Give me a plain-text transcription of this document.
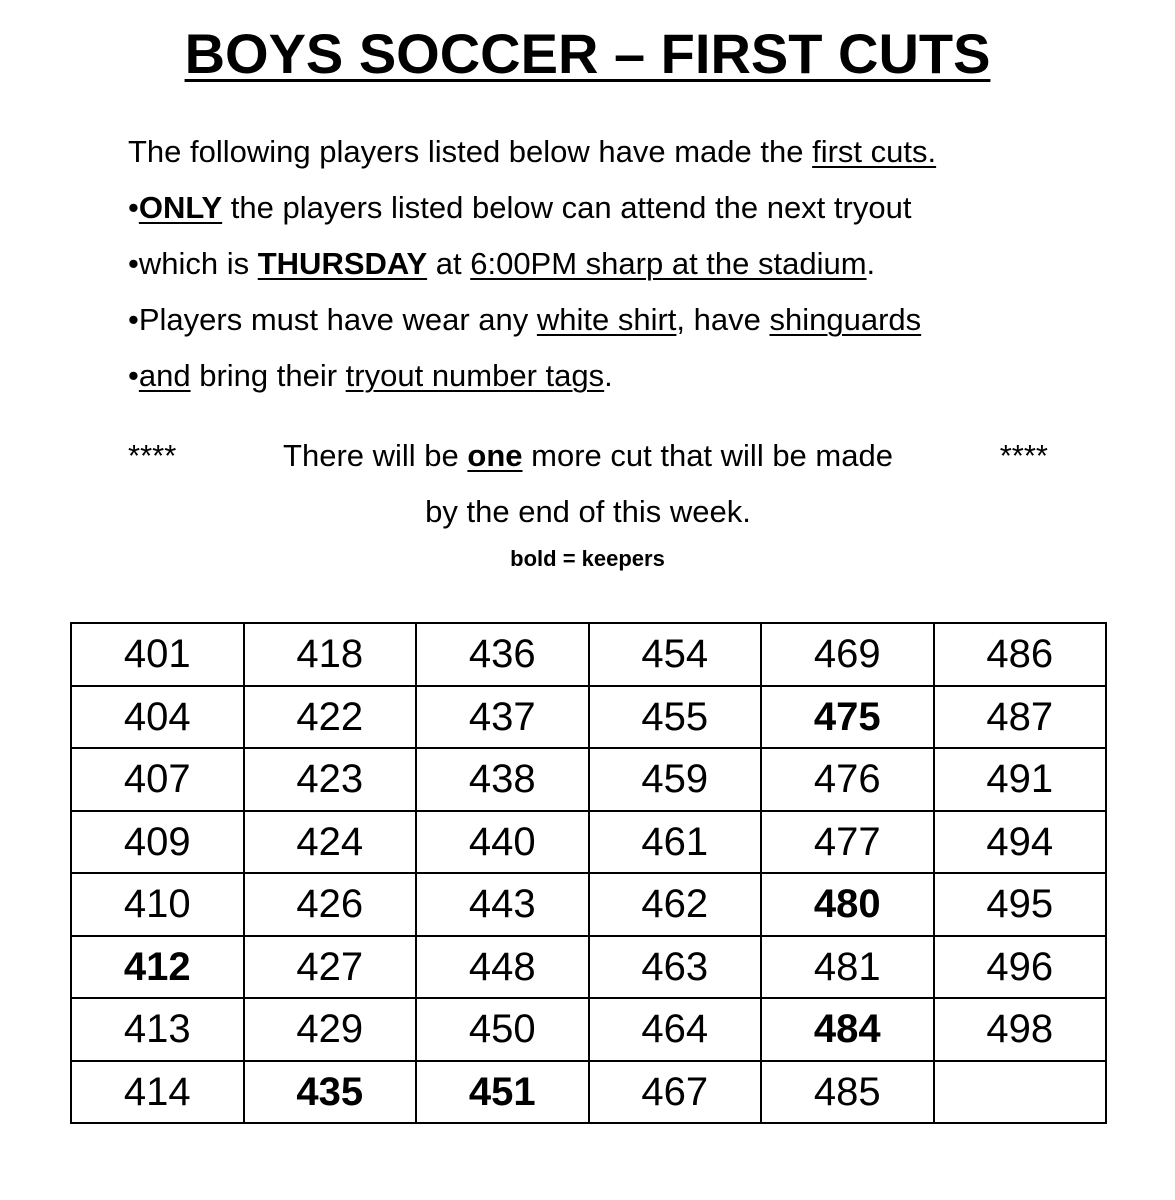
BOYS SOCCER – FIRST CUTS
The following players listed below have made the first cuts.
•ONLY the players listed below can attend the next tryout
•which is THURSDAY at 6:00PM sharp at the stadium.
•Players must have wear any white shirt, have shinguards
•and bring their tryout number tags.
****	There will be one more cut that will be made	****
by the end of this week.
bold = keepers
401	418	436	454	469	486
404	422	437	455	475	487
407	423	438	459	476	491
409	424	440	461	477	494
410	426	443	462	480	495
412	427	448	463	481	496
413	429	450	464	484	498
414	435	451	467	485	
